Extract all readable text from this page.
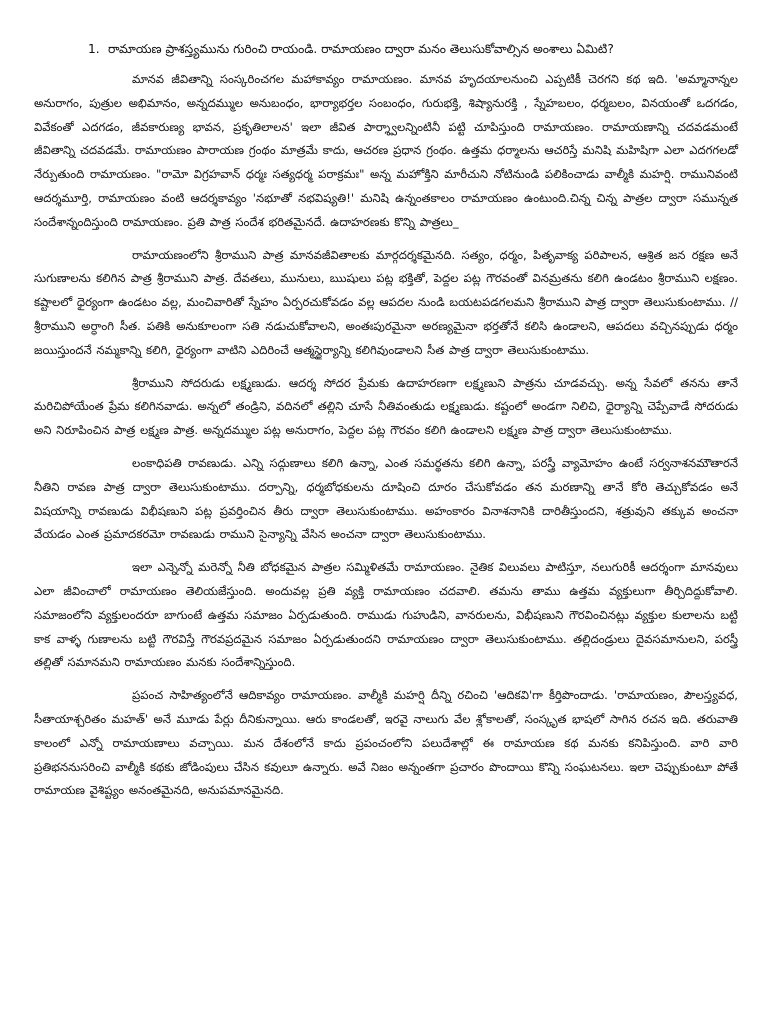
1. రామాయణ ప్రాశస్త్యమును గురించి రాయండి. రామాయణం ద్వారా మనం తెలుసుకోవాల్సిన అంశాలు ఏమిటి?

మానవ జీవితాన్ని సంస్కరించగల మహాకావ్యం రామాయణం. మానవ హృదయాలనుంచి ఎప్పటికీ చెరగని కథ ఇది. 'అమ్మానాన్నల అనురాగం, పుత్రుల అభిమానం, అన్నదమ్ముల అనుబంధం, భార్యాభర్తల సంబంధం, గురుభక్తి, శిష్యానురక్తి , స్నేహబలం, ధర్మబలం, వినయంతో ఒదగడం, వివేకంతో ఎదగడం, జీవకారుణ్య భావన, ప్రకృతిలాలన' ఇలా జీవిత పార్శ్వాలన్నింటినీ పట్టి చూపిస్తుంది రామాయణం. రామాయణాన్ని చదవడమంటే జీవితాన్ని చదవడమే. రామాయణం పారాయణ గ్రంథం మాత్రమే కాదు, ఆచరణ ప్రధాన గ్రంథం. ఉత్తమ ధర్మాలను ఆచరిస్తే మనిషి మహిషిగా ఎలా ఎదగగలడో నేర్పుతుంది రామాయణం. "రామో విగ్రహవాన్ ధర్మః సత్యధర్మ పరాక్రమః" అన్న మహోక్తిని మారీచుని నోటినుండి పలికించాడు వాల్మీకి మహర్షి. రామునివంటి ఆదర్శమూర్తి, రామాయణం వంటి ఆదర్శకావ్యం 'నభూతో నభవిష్యతి!' మనిషి ఉన్నంతకాలం రామాయణం ఉంటుంది.చిన్న చిన్న పాత్రల ద్వారా సమున్నత సందేశాన్నందిస్తుంది రామాయణం. ప్రతి పాత్ర సందేశ భరితమైనదే. ఉదాహరణకు కొన్ని పాత్రలు_

రామాయణంలోని శ్రీరాముని పాత్ర మానవజీవితాలకు మార్గదర్శకమైనది. సత్యం, ధర్మం, పితృవాక్య పరిపాలన, ఆశ్రిత జన రక్షణ అనే సుగుణాలను కలిగిన పాత్ర శ్రీరాముని పాత్ర. దేవతలు, మునులు, ఋషులు పట్ల భక్తితో, పెద్దల పట్ల గౌరవంతో వినమ్రతను కలిగి ఉండటం శ్రీరాముని లక్షణం. కష్టాలలో ధైర్యంగా ఉండటం వల్ల, మంచివారితో స్నేహం ఏర్పరచుకోవడం వల్ల ఆపదల నుండి బయటపడగలమని శ్రీరాముని పాత్ర ద్వారా తెలుసుకుంటాము. // శ్రీరాముని అర్ధాంగి సీత. పతికి అనుకూలంగా సతి నడుచుకోవాలని, అంతఃపురమైనా అరణ్యమైనా భర్తతోనే కలిసి ఉండాలని, ఆపదలు వచ్చినప్పుడు ధర్మం జయిస్తుందనే నమ్మకాన్ని కలిగి, ధైర్యంగా వాటిని ఎదిరించే ఆత్మస్థైర్యాన్ని కలిగివుండాలని సీత పాత్ర ద్వారా తెలుసుకుంటాము.

శ్రీరాముని సోదరుడు లక్ష్మణుడు. ఆదర్శ సోదర ప్రేమకు ఉదాహరణగా లక్ష్మణుని పాత్రను చూడవచ్చు. అన్న సేవలో తనను తానే మరిచిపోయేంత ప్రేమ కలిగినవాడు. అన్నలో తండ్రిని, వదినలో తల్లిని చూసే నీతివంతుడు లక్ష్మణుడు. కష్టంలో అండగా నిలిచి, ధైర్యాన్ని చెప్పేవాడే సోదరుడు అని నిరూపించిన పాత్ర లక్ష్మణ పాత్ర. అన్నదమ్ముల పట్ల అనురాగం, పెద్దల పట్ల గౌరవం కలిగి ఉండాలని లక్ష్మణ పాత్ర ద్వారా తెలుసుకుంటాము.

లంకాధిపతి రావణుడు. ఎన్ని సద్గుణాలు కలిగి ఉన్నా, ఎంత సమర్థతను కలిగి ఉన్నా, పరస్త్రీ వ్యామోహం ఉంటే సర్వనాశనమౌతారనే నీతిని రావణ పాత్ర ద్వారా తెలుసుకుంటాము. దర్పాన్ని, ధర్మబోధకులను దూషించి దూరం చేసుకోవడం తన మరణాన్ని తానే కోరి తెచ్చుకోవడం అనే విషయాన్ని రావణుడు విభీషణుని పట్ల ప్రవర్తించిన తీరు ద్వారా తెలుసుకుంటాము. అహంకారం వినాశనానికి దారితీస్తుందని, శత్రువుని తక్కువ అంచనా వేయడం ఎంత ప్రమాదకరమో రావణుడు రాముని సైన్యాన్ని వేసిన అంచనా ద్వారా తెలుసుకుంటాము.

ఇలా ఎన్నెన్నో మరెన్నో నీతి బోధకమైన పాత్రల సమ్మిళితమే రామాయణం. నైతిక విలువలు పాటిస్తూ, నలుగురికీ ఆదర్శంగా మానవులు ఎలా జీవించాలో రామాయణం తెలియజేస్తుంది. అందువల్ల ప్రతి వ్యక్తి రామాయణం చదవాలి. తమను తాము ఉత్తమ వ్యక్తులుగా తీర్చిదిద్దుకోవాలి. సమాజంలోని వ్యక్తులందరూ బాగుంటే ఉత్తమ సమాజం ఏర్పడుతుంది. రాముడు గుహుడిని, వానరులను, విభీషణుని గౌరవించినట్లు వ్యక్తుల కులాలను బట్టి కాక వాళ్ళ గుణాలను బట్టి గౌరవిస్తే గౌరవప్రదమైన సమాజం ఏర్పడుతుందని రామాయణం ద్వారా తెలుసుకుంటాము. తల్లిదండ్రులు దైవసమానులని, పరస్త్రీ తల్లితో సమానమని రామాయణం మనకు సందేశాన్నిస్తుంది.

ప్రపంచ సాహిత్యంలోనే ఆదికావ్యం రామాయణం. వాల్మీకి మహర్షి దీన్ని రచించి 'ఆదికవి'గా కీర్తిపొందాడు. 'రామాయణం, పౌలస్త్యవధ, సీతాయాశ్చరితం మహత్' అనే మూడు పేర్లు దీనికున్నాయి. ఆరు కాండలతో, ఇరవై నాలుగు వేల శ్లోకాలతో, సంస్కృత భాషలో సాగిన రచన ఇది. తరువాతి కాలంలో ఎన్నో రామాయణాలు వచ్చాయి. మన దేశంలోనే కాదు ప్రపంచంలోని పలుదేశాల్లో ఈ రామాయణ కథ మనకు కనిపిస్తుంది. వారి వారి ప్రతిభననుసరించి వాల్మీకి కథకు జోడింపులు చేసిన కవులూ ఉన్నారు. అవే నిజం అన్నంతగా ప్రచారం పొందాయి కొన్ని సంఘటనలు. ఇలా చెప్పుకుంటూ పోతే రామాయణ వైశిష్ట్యం అనంతమైనది, అనుపమానమైనది.
